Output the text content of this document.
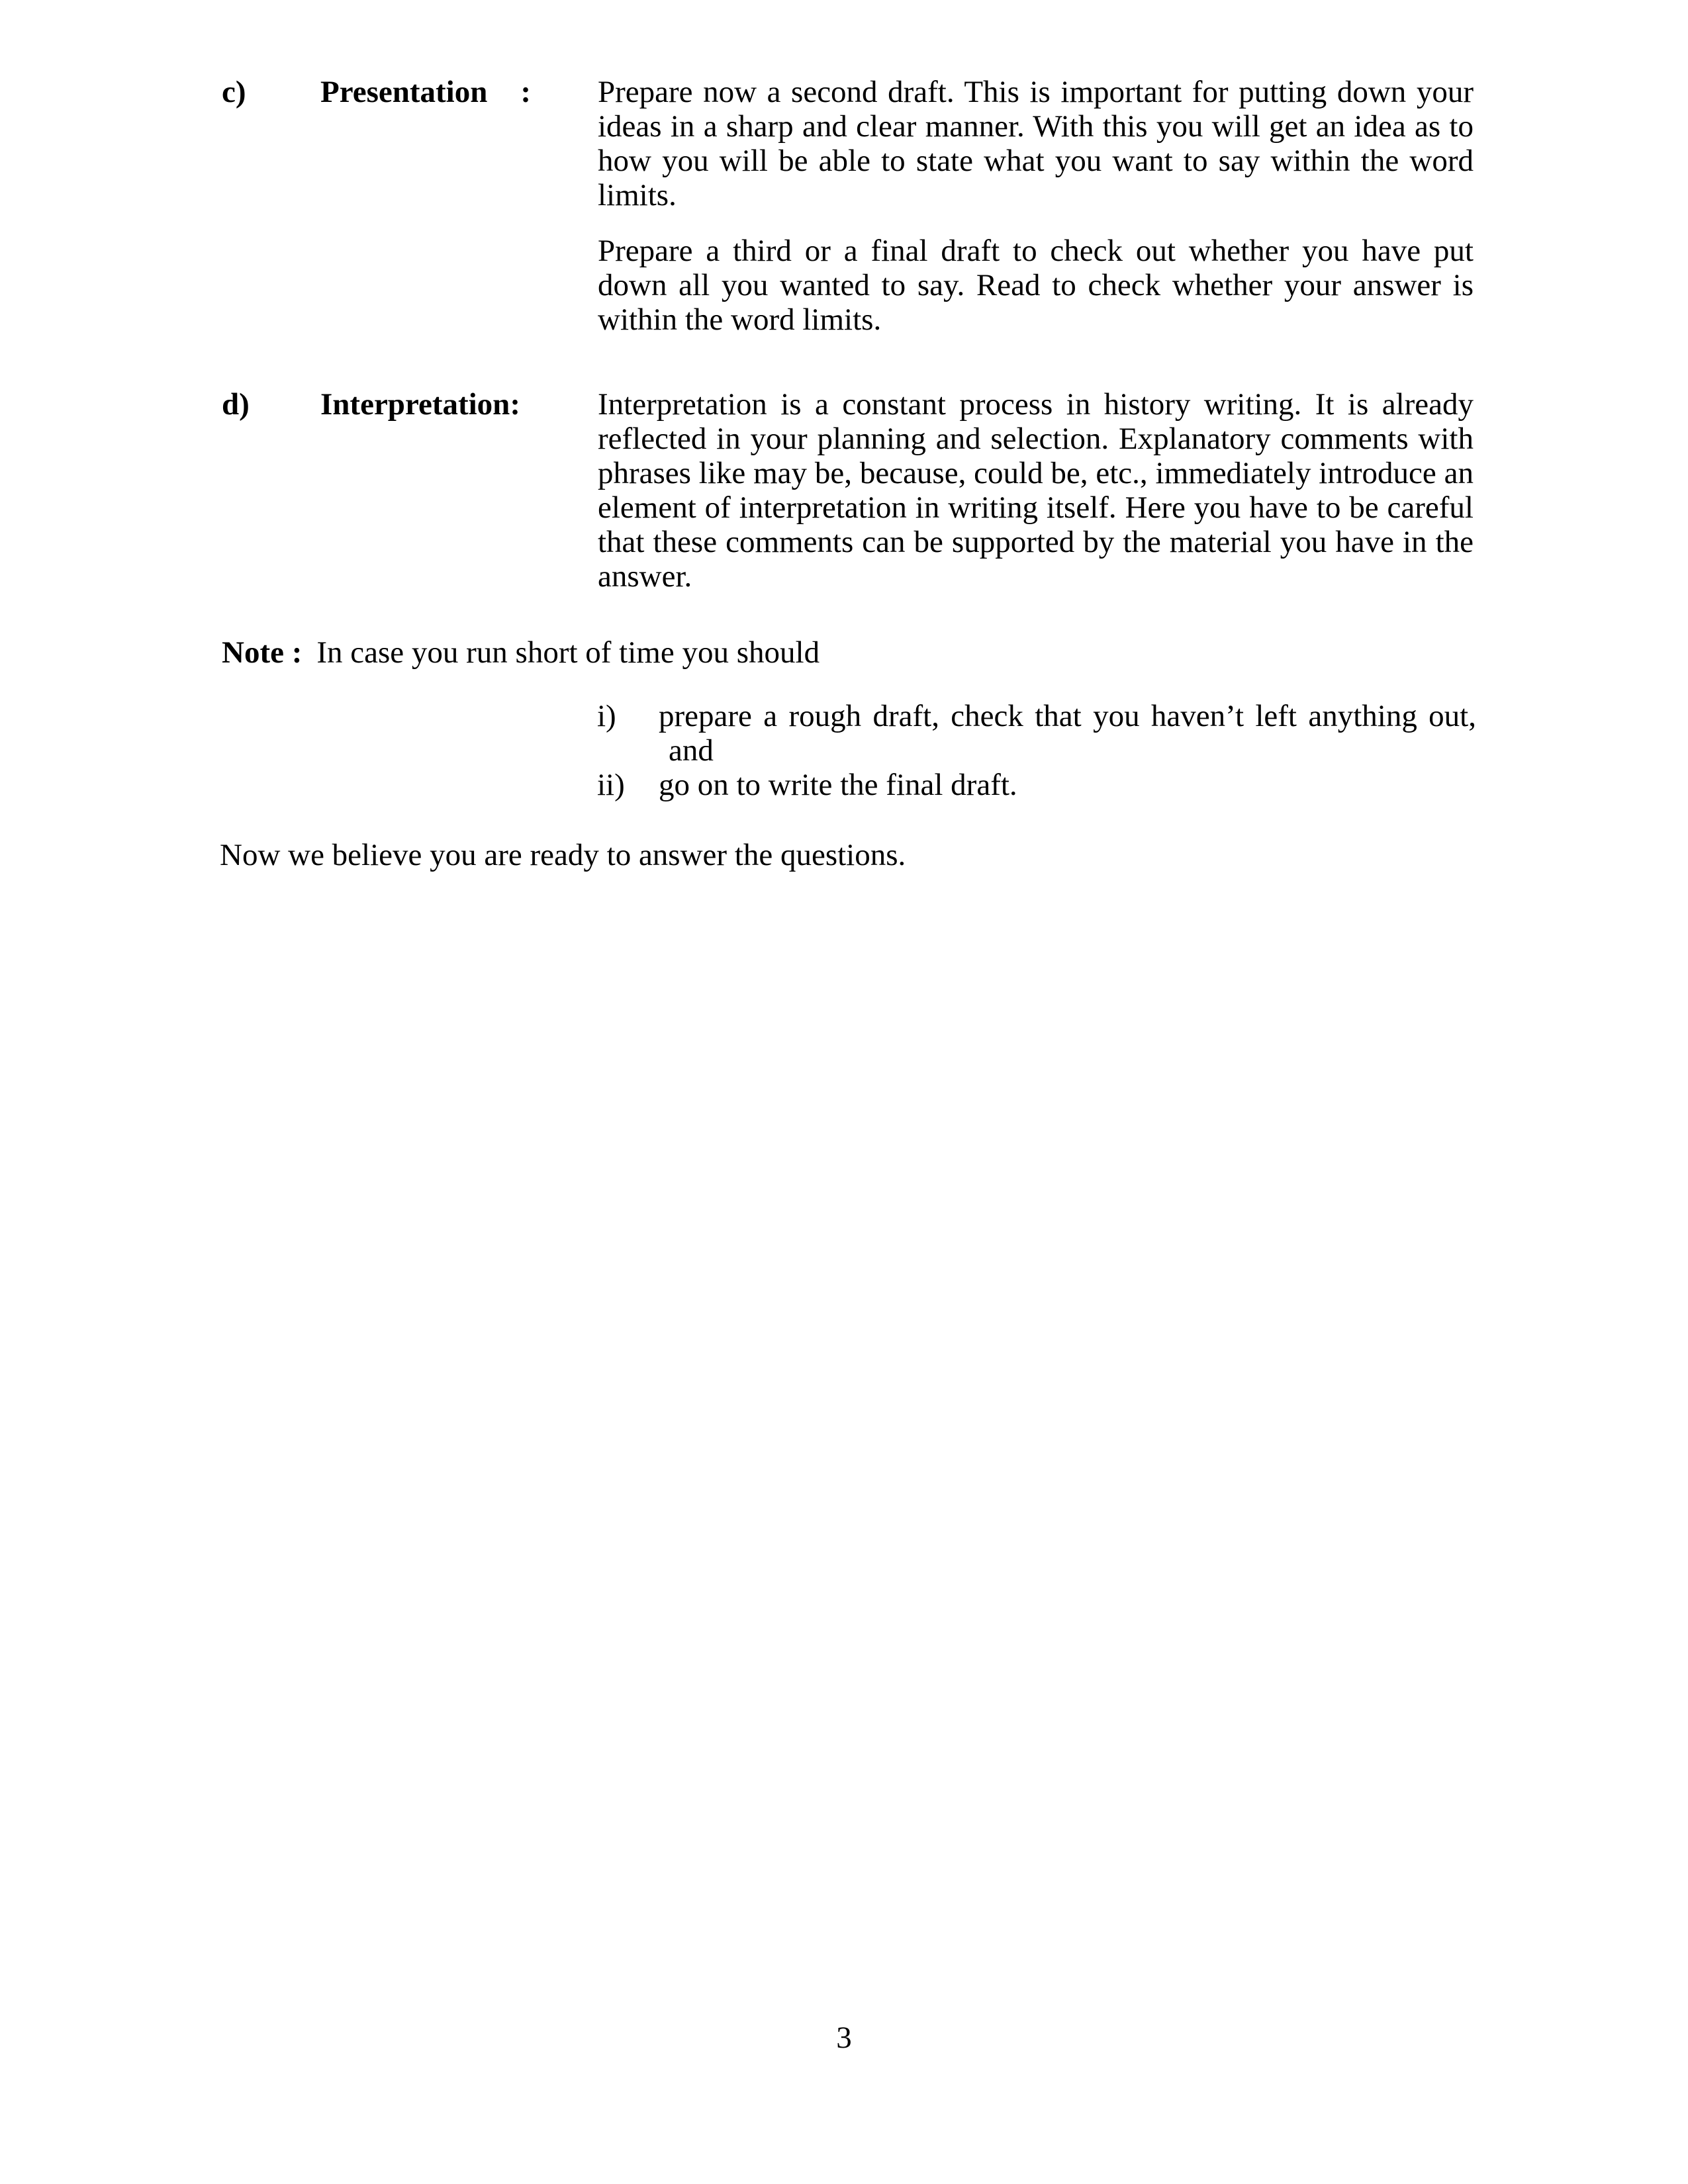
c)	Presentation :	Prepare now a second draft. This is important for putting down your ideas in a sharp and clear manner. With this you will get an idea as to how you will be able to state what you want to say within the word limits.

Prepare a third or a final draft to check out whether you have put down all you wanted to say. Read to check whether your answer is within the word limits.

d)	Interpretation:	Interpretation is a constant process in history writing. It is already reflected in your planning and selection. Explanatory comments with phrases like may be, because, could be, etc., immediately introduce an element of interpretation in writing itself. Here you have to be careful that these comments can be supported by the material you have in the answer.

Note : In case you run short of time you should
i)	prepare a rough draft, check that you haven’t left anything out,
and
ii)	go on to write the final draft.
Now we believe you are ready to answer the questions.
3
